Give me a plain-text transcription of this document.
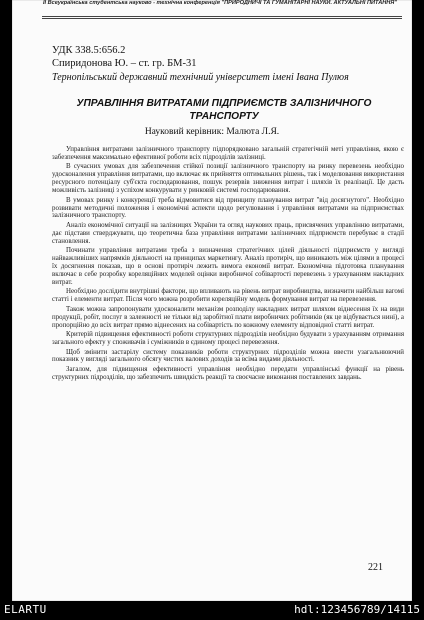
ІІ Всеукраїнська студентська науково - технічна конференція "ПРИРОДНИЧІ ТА ГУМАНІТАРНІ НАУКИ. АКТУАЛЬНІ ПИТАННЯ"
УДК 338.5:656.2
Спиридонова Ю. – ст. гр. БМ-31
Тернопільський державний технічний університет імені Івана Пулюя
УПРАВЛІННЯ ВИТРАТАМИ ПІДПРИЄМСТВ ЗАЛІЗНИЧНОГО ТРАНСПОРТУ
Науковий керівник: Малюта Л.Я.

Управління витратами залізничного транспорту підпорядковано загальній стратегічній меті управління, якою є забезпечення максимально ефективної роботи всіх підрозділів залізниці.

В сучасних умовах для забезпечення стійкої позиції залізничного транспорту на ринку перевезень необхідно удосконалення управління витратами, що включає як прийняття оптимальних рішень, так і моделювання використання ресурсного потенціалу суб'єкта господарювання, пошук резервів зниження витрат і шляхів їх реалізації. Це дасть можливість залізниці з успіхом конкурувати у ринковій системі господарювання.

В умовах ринку і конкуренції треба відмовитися від принципу планування витрат "від досягнутого". Необхідно розвивати методичні положення і економічні аспекти щодо регулювання і управління витратами на підприємствах залізничного транспорту.

Аналіз економічної ситуації на залізницях України та огляд наукових праць, присвячених управлінню витратами, дає підстави стверджувати, що теоретична база управління витратами залізничних підприємств перебуває в стадії становлення.

Починати управління витратами треба з визначення стратегічних цілей діяльності підприємств у вигляді найважливіших напрямків діяльності на принципах маркетингу. Аналіз протиріч, що виникають між цілями в процесі їх досягнення показав, що в основі протиріч лежить вимога економії витрат. Економічна підготовка планування включає в себе розробку кореляційних моделей оцінки виробничої собівартості перевезень з урахуванням накладних витрат.

Необхідно дослідити внутрішні фактори, що впливають на рівень витрат виробництва, визначити найбільш вагомі статті і елементи витрат. Після чого можна розробити кореляційну модель формування витрат на перевезення.

Також можна запропонувати удосконалити механізм розподілу накладних витрат шляхом віднесення їх на види продукції, робіт, послуг в залежності не тільки від заробітної плати виробничих робітників (як це відбувається нині), а пропорційно до всіх витрат прямо віднесених на собівартість по кожному елементу відповідної статті витрат.

Критерій підвищення ефективності роботи структурних підрозділів необхідно будувати з урахуванням отримання загального ефекту у споживачів і суміжників в єдиному процесі перевезення.

Щоб змінити застарілу систему показників роботи структурних підрозділів можна ввести узагальнюючий показник у вигляді загального обсягу чистих валових доходів за всіма видами діяльності.

Загалом, для підвищення ефективності управління необхідно передати управлінські функції на рівень структурних підрозділів, що забезпечить швидкість реакції та своєчасне виконання поставлених завдань.

221
ELARTU	hdl:123456789/14115
